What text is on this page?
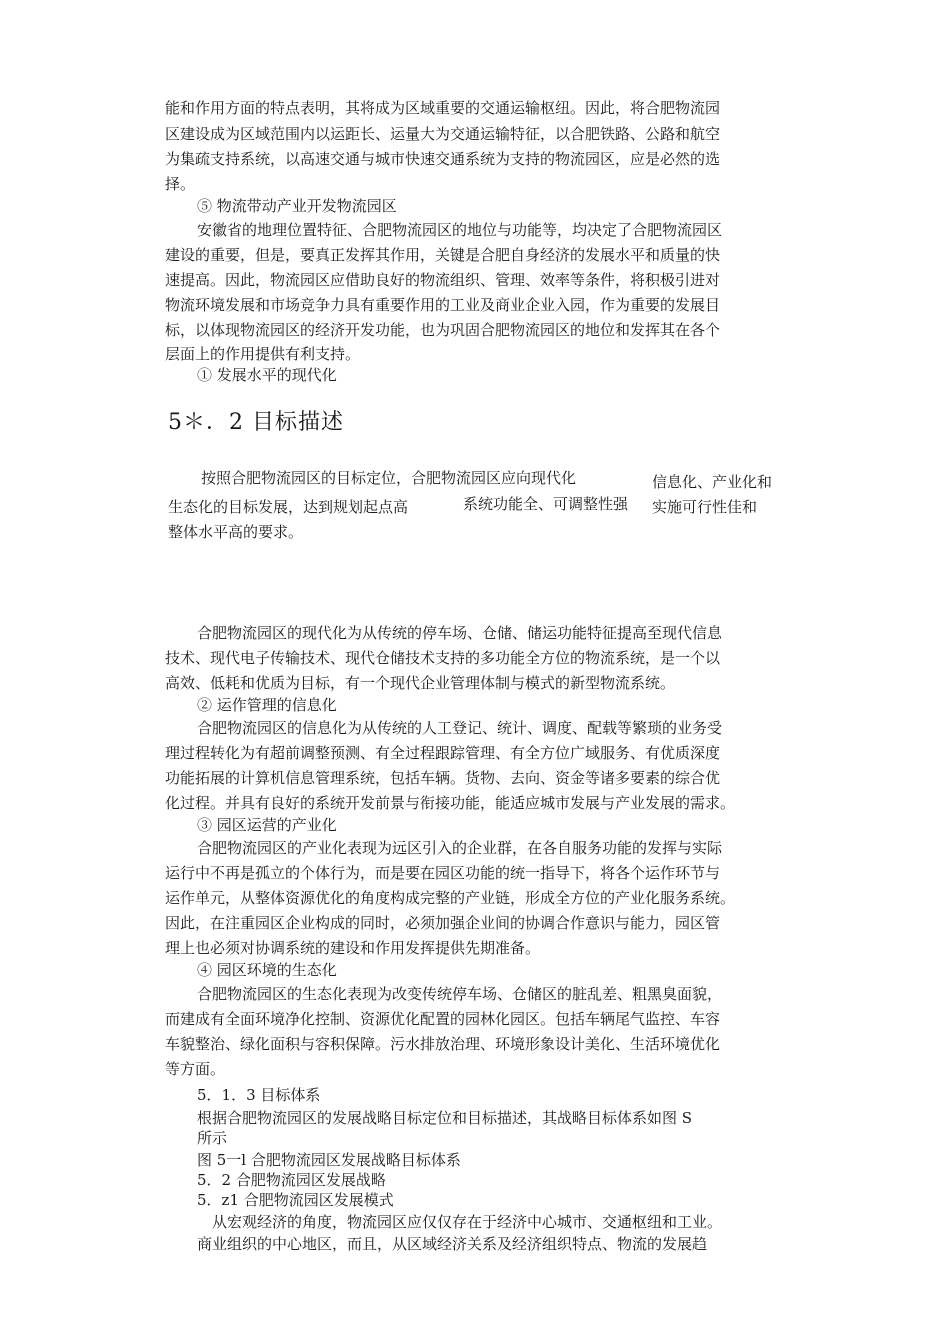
能和作用方面的特点表明，其将成为区域重要的交通运输枢纽。因此，将合肥物流园
区建设成为区域范围内以运距长、运量大为交通运输特征，以合肥铁路、公路和航空
为集疏支持系统，以高速交通与城市快速交通系统为支持的物流园区，应是必然的选
择。
⑤ 物流带动产业开发物流园区
安徽省的地理位置特征、合肥物流园区的地位与功能等，均决定了合肥物流园区
建设的重要，但是，要真正发挥其作用，关键是合肥自身经济的发展水平和质量的快
速提高。因此，物流园区应借助良好的物流组织、管理、效率等条件，将积极引进对
物流环境发展和市场竞争力具有重要作用的工业及商业企业入园，作为重要的发展目
标，以体现物流园区的经济开发功能，也为巩固合肥物流园区的地位和发挥其在各个
层面上的作用提供有利支持。
① 发展水平的现代化
5＊．2 目标描述
按照合肥物流园区的目标定位，合肥物流园区应向现代化	信息化、产业化和
生态化的目标发展，达到规划起点高	系统功能全、可调整性强 实施可行性佳和
整体水平高的要求。
合肥物流园区的现代化为从传统的停车场、仓储、储运功能特征提高至现代信息
技术、现代电子传输技术、现代仓储技术支持的多功能全方位的物流系统，是一个以
高效、低耗和优质为目标，有一个现代企业管理体制与模式的新型物流系统。
② 运作管理的信息化
合肥物流园区的信息化为从传统的人工登记、统计、调度、配载等繁琐的业务受
理过程转化为有超前调整预测、有全过程跟踪管理、有全方位广域服务、有优质深度
功能拓展的计算机信息管理系统，包括车辆。货物、去向、资金等诸多要素的综合优
化过程。并具有良好的系统开发前景与衔接功能，能适应城市发展与产业发展的需求。
③ 园区运营的产业化
合肥物流园区的产业化表现为远区引入的企业群，在各自服务功能的发挥与实际
运行中不再是孤立的个体行为，而是要在园区功能的统一指导下，将各个运作环节与
运作单元，从整体资源优化的角度构成完整的产业链，形成全方位的产业化服务系统。
因此，在注重园区企业构成的同时，必须加强企业间的协调合作意识与能力，园区管
理上也必须对协调系统的建设和作用发挥提供先期准备。
④ 园区环境的生态化
合肥物流园区的生态化表现为改变传统停车场、仓储区的脏乱差、粗黑臭面貌，
而建成有全面环境净化控制、资源优化配置的园林化园区。包括车辆尾气监控、车容
车貌整治、绿化面积与容积保障。污水排放治理、环境形象设计美化、生活环境优化
等方面。
5．1．3 目标体系
根据合肥物流园区的发展战略目标定位和目标描述，其战略目标体系如图 S
所示
图 5一l 合肥物流园区发展战略目标体系
5．2 合肥物流园区发展战略
5．z1 合肥物流园区发展模式
从宏观经济的角度，物流园区应仅仅存在于经济中心城市、交通枢纽和工业。
商业组织的中心地区，而且，从区域经济关系及经济组织特点、物流的发展趋
